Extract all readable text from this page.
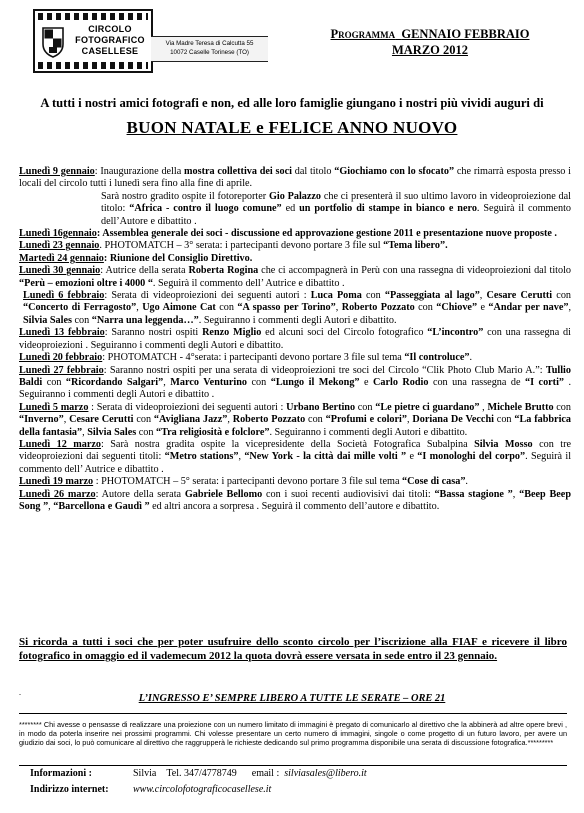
CIRCOLO
FOTOGRAFICO
CASELLESE
Via Madre Teresa di Calcutta 55
10072 Caselle Torinese (TO)
Programma GENNAIO FEBBRAIO
MARZO 2012
A tutti i nostri amici fotografi e non, ed alle loro famiglie giungano i nostri più vividi auguri di
BUON NATALE e FELICE ANNO NUOVO

Lunedì 9 gennaio: Inaugurazione della mostra collettiva dei soci dal titolo “Giochiamo con lo sfocato” che rimarrà esposta presso i locali del circolo tutti i lunedì sera fino alla fine di aprile.

Sarà nostro gradito ospite il fotoreporter Gio Palazzo che ci presenterà il suo ultimo lavoro in videoproiezione dal titolo: “Africa - contro il luogo comune” ed un portfolio di stampe in bianco e nero. Seguirà il commento dell’Autore e dibattito .

Lunedì 16gennaio: Assemblea generale dei soci - discussione ed approvazione gestione 2011 e presentazione nuove proposte .

Lunedì 23 gennaio. PHOTOMATCH – 3° serata: i partecipanti devono portare 3 file sul “Tema libero”.

Martedì 24 gennaio: Riunione del Consiglio Direttivo.

Lunedì 30 gennaio: Autrice della serata Roberta Rogina che ci accompagnerà in Perù con una rassegna di videoproiezioni dal titolo “Perù – emozioni oltre i 4000 “. Seguirà il commento dell’ Autrice e dibattito .

Lunedì 6 febbraio: Serata di videoproiezioni dei seguenti autori : Luca Poma con “Passeggiata al lago”, Cesare Cerutti con “Concerto di Ferragosto”, Ugo Aimone Cat con “A spasso per Torino”, Roberto Pozzato con “Chiove” e “Andar per nave”, Silvia Sales con “Narra una leggenda…”. Seguiranno i commenti degli Autori e dibattito.

Lunedì 13 febbraio: Saranno nostri ospiti Renzo Miglio ed alcuni soci del Circolo fotografico “L’incontro” con una rassegna di videoproiezioni . Seguiranno i commenti degli Autori e dibattito.

Lunedì 20 febbraio: PHOTOMATCH - 4°serata: i partecipanti devono portare 3 file sul tema “Il controluce”.

Lunedì 27 febbraio: Saranno nostri ospiti per una serata di videoproiezioni tre soci del Circolo “Clik Photo Club Mario A.”: Tullio Baldi con “Ricordando Salgari”, Marco Venturino con “Lungo il Mekong” e Carlo Rodio con una rassegna de “I corti” . Seguiranno i commenti degli Autori e dibattito .

Lunedì 5 marzo : Serata di videoproiezioni dei seguenti autori : Urbano Bertino con “Le pietre ci guardano” , Michele Brutto con “Inverno”, Cesare Cerutti con “Avigliana Jazz”, Roberto Pozzato con “Profumi e colori”, Doriana De Vecchi con “La fabbrica della fantasia”, Silvia Sales con “Tra religiosità e folclore”. Seguiranno i commenti degli Autori e dibattito.

Lunedì 12 marzo: Sarà nostra gradita ospite la vicepresidente della Società Fotografica Subalpina Silvia Mosso con tre videoproiezioni dai seguenti titoli: “Metro stations”, “New York - la città dai mille volti ” e “I monologhi del corpo”. Seguirà il commento dell’ Autrice e dibattito .

Lunedì 19 marzo : PHOTOMATCH – 5° serata: i partecipanti devono portare 3 file sul tema “Cose di casa”.

Lunedì 26 marzo: Autore della serata Gabriele Bellomo con i suoi recenti audiovisivi dai titoli: “Bassa stagione ”, “Beep Beep Song ”, “Barcellona e Gaudì ” ed altri ancora a sorpresa . Seguirà il commento dell’autore e dibattito.

Si ricorda a tutti i soci che per poter usufruire dello sconto circolo per l’iscrizione alla FIAF e ricevere il libro fotografico in omaggio ed il vademecum 2012 la quota dovrà essere versata in sede entro il 23 gennaio.
.
L’INGRESSO E’ SEMPRE LIBERO A TUTTE LE SERATE – ORE 21
******** Chi avesse o pensasse di realizzare una proiezione con un numero limitato di immagini è pregato di comunicarlo al direttivo che la abbinerà ad altre opere brevi , in modo da poterla inserire nei prossimi programmi. Chi volesse presentare un certo numero di immagini, singole o come progetto di un futuro lavoro, per avere un giudizio dai soci, lo può comunicare al direttivo che raggrupperà le richieste dedicando sul primo programma disponibile una serata di discussione fotografica.*********
Informazioni :	Silvia Tel. 347/4778749 email : silviasales@libero.it
Indirizzo internet: www.circolofotograficocasellese.it
